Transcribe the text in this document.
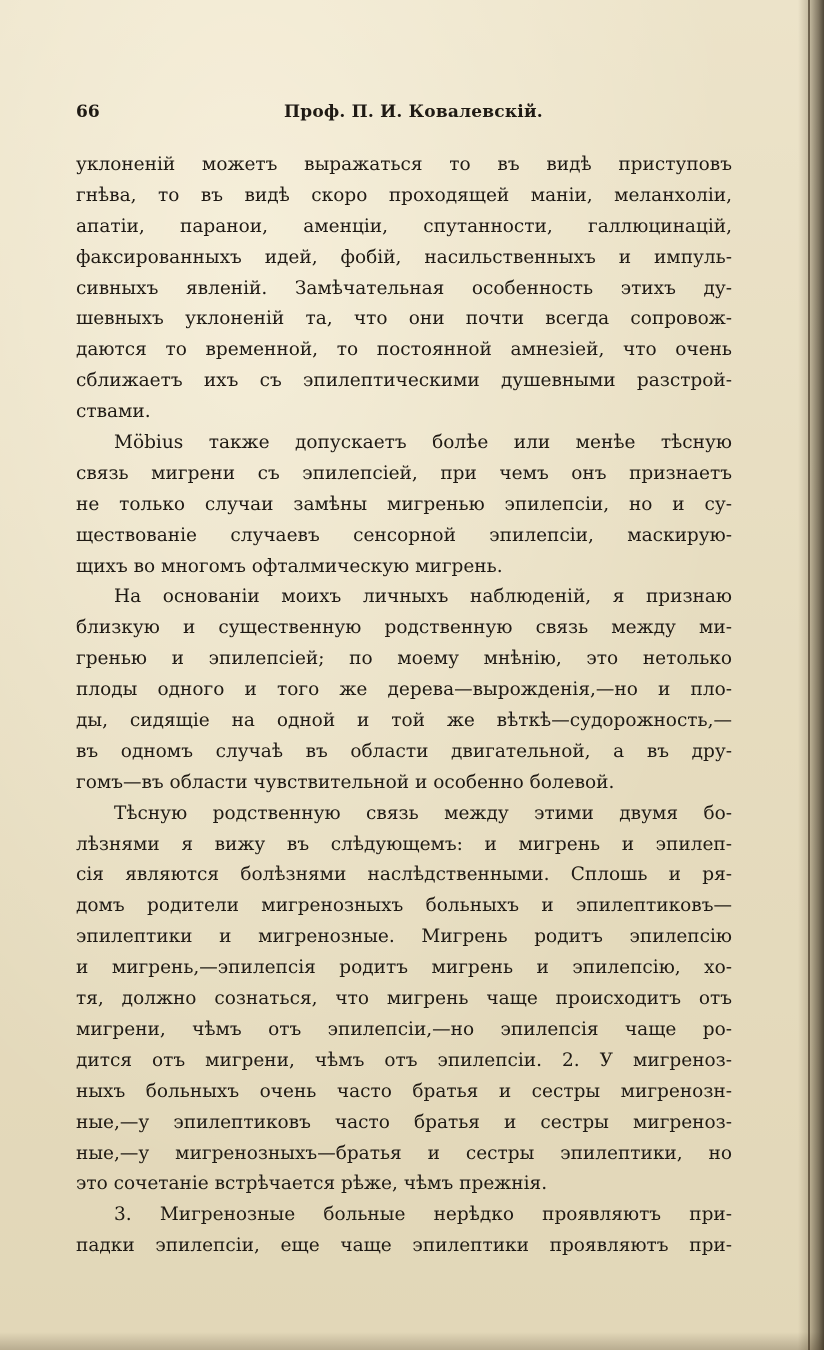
66	Проф. П. И. Ковалевскій.
уклоненій можетъ выражаться то въ видѣ приступовъ
гнѣва, то въ видѣ скоро проходящей маніи, меланхоліи,
апатіи, паранои, аменціи, спутанности, галлюцинацій,
факсированныхъ идей, фобій, насильственныхъ и импуль-
сивныхъ явленій. Замѣчательная особенность этихъ ду-
шевныхъ уклоненій та, что они почти всегда сопровож-
даются то временной, то постоянной амнезіей, что очень
сближаетъ ихъ съ эпилептическими душевными разстрой-
ствами.
Möbius также допускаетъ болѣе или менѣе тѣсную
связь мигрени съ эпилепсіей, при чемъ онъ признаетъ
не только случаи замѣны мигренью эпилепсіи, но и су-
ществованіе случаевъ сенсорной эпилепсіи, маскирую-
щихъ во многомъ офталмическую мигрень.
На основаніи моихъ личныхъ наблюденій, я признаю
близкую и существенную родственную связь между ми-
гренью и эпилепсіей; по моему мнѣнію, это нетолько
плоды одного и того же дерева—вырожденія,—но и пло-
ды, сидящіе на одной и той же вѣткѣ—судорожность,—
въ одномъ случаѣ въ области двигательной, а въ дру-
гомъ—въ области чувствительной и особенно болевой.
Тѣсную родственную связь между этими двумя бо-
лѣзнями я вижу въ слѣдующемъ: и мигрень и эпилеп-
сія являются болѣзнями наслѣдственными. Сплошь и ря-
домъ родители мигренозныхъ больныхъ и эпилептиковъ—
эпилептики и мигренозные. Мигрень родитъ эпилепсію
и мигрень,—эпилепсія родитъ мигрень и эпилепсію, хо-
тя, должно сознаться, что мигрень чаще происходитъ отъ
мигрени, чѣмъ отъ эпилепсіи,—но эпилепсія чаще ро-
дится отъ мигрени, чѣмъ отъ эпилепсіи. 2. У мигреноз-
ныхъ больныхъ очень часто братья и сестры мигренозн-
ные,—у эпилептиковъ часто братья и сестры мигреноз-
ные,—у мигренозныхъ—братья и сестры эпилептики, но
это сочетаніе встрѣчается рѣже, чѣмъ прежнія.
3. Мигренозные больные нерѣдко проявляютъ при-
падки эпилепсіи, еще чаще эпилептики проявляютъ при-
